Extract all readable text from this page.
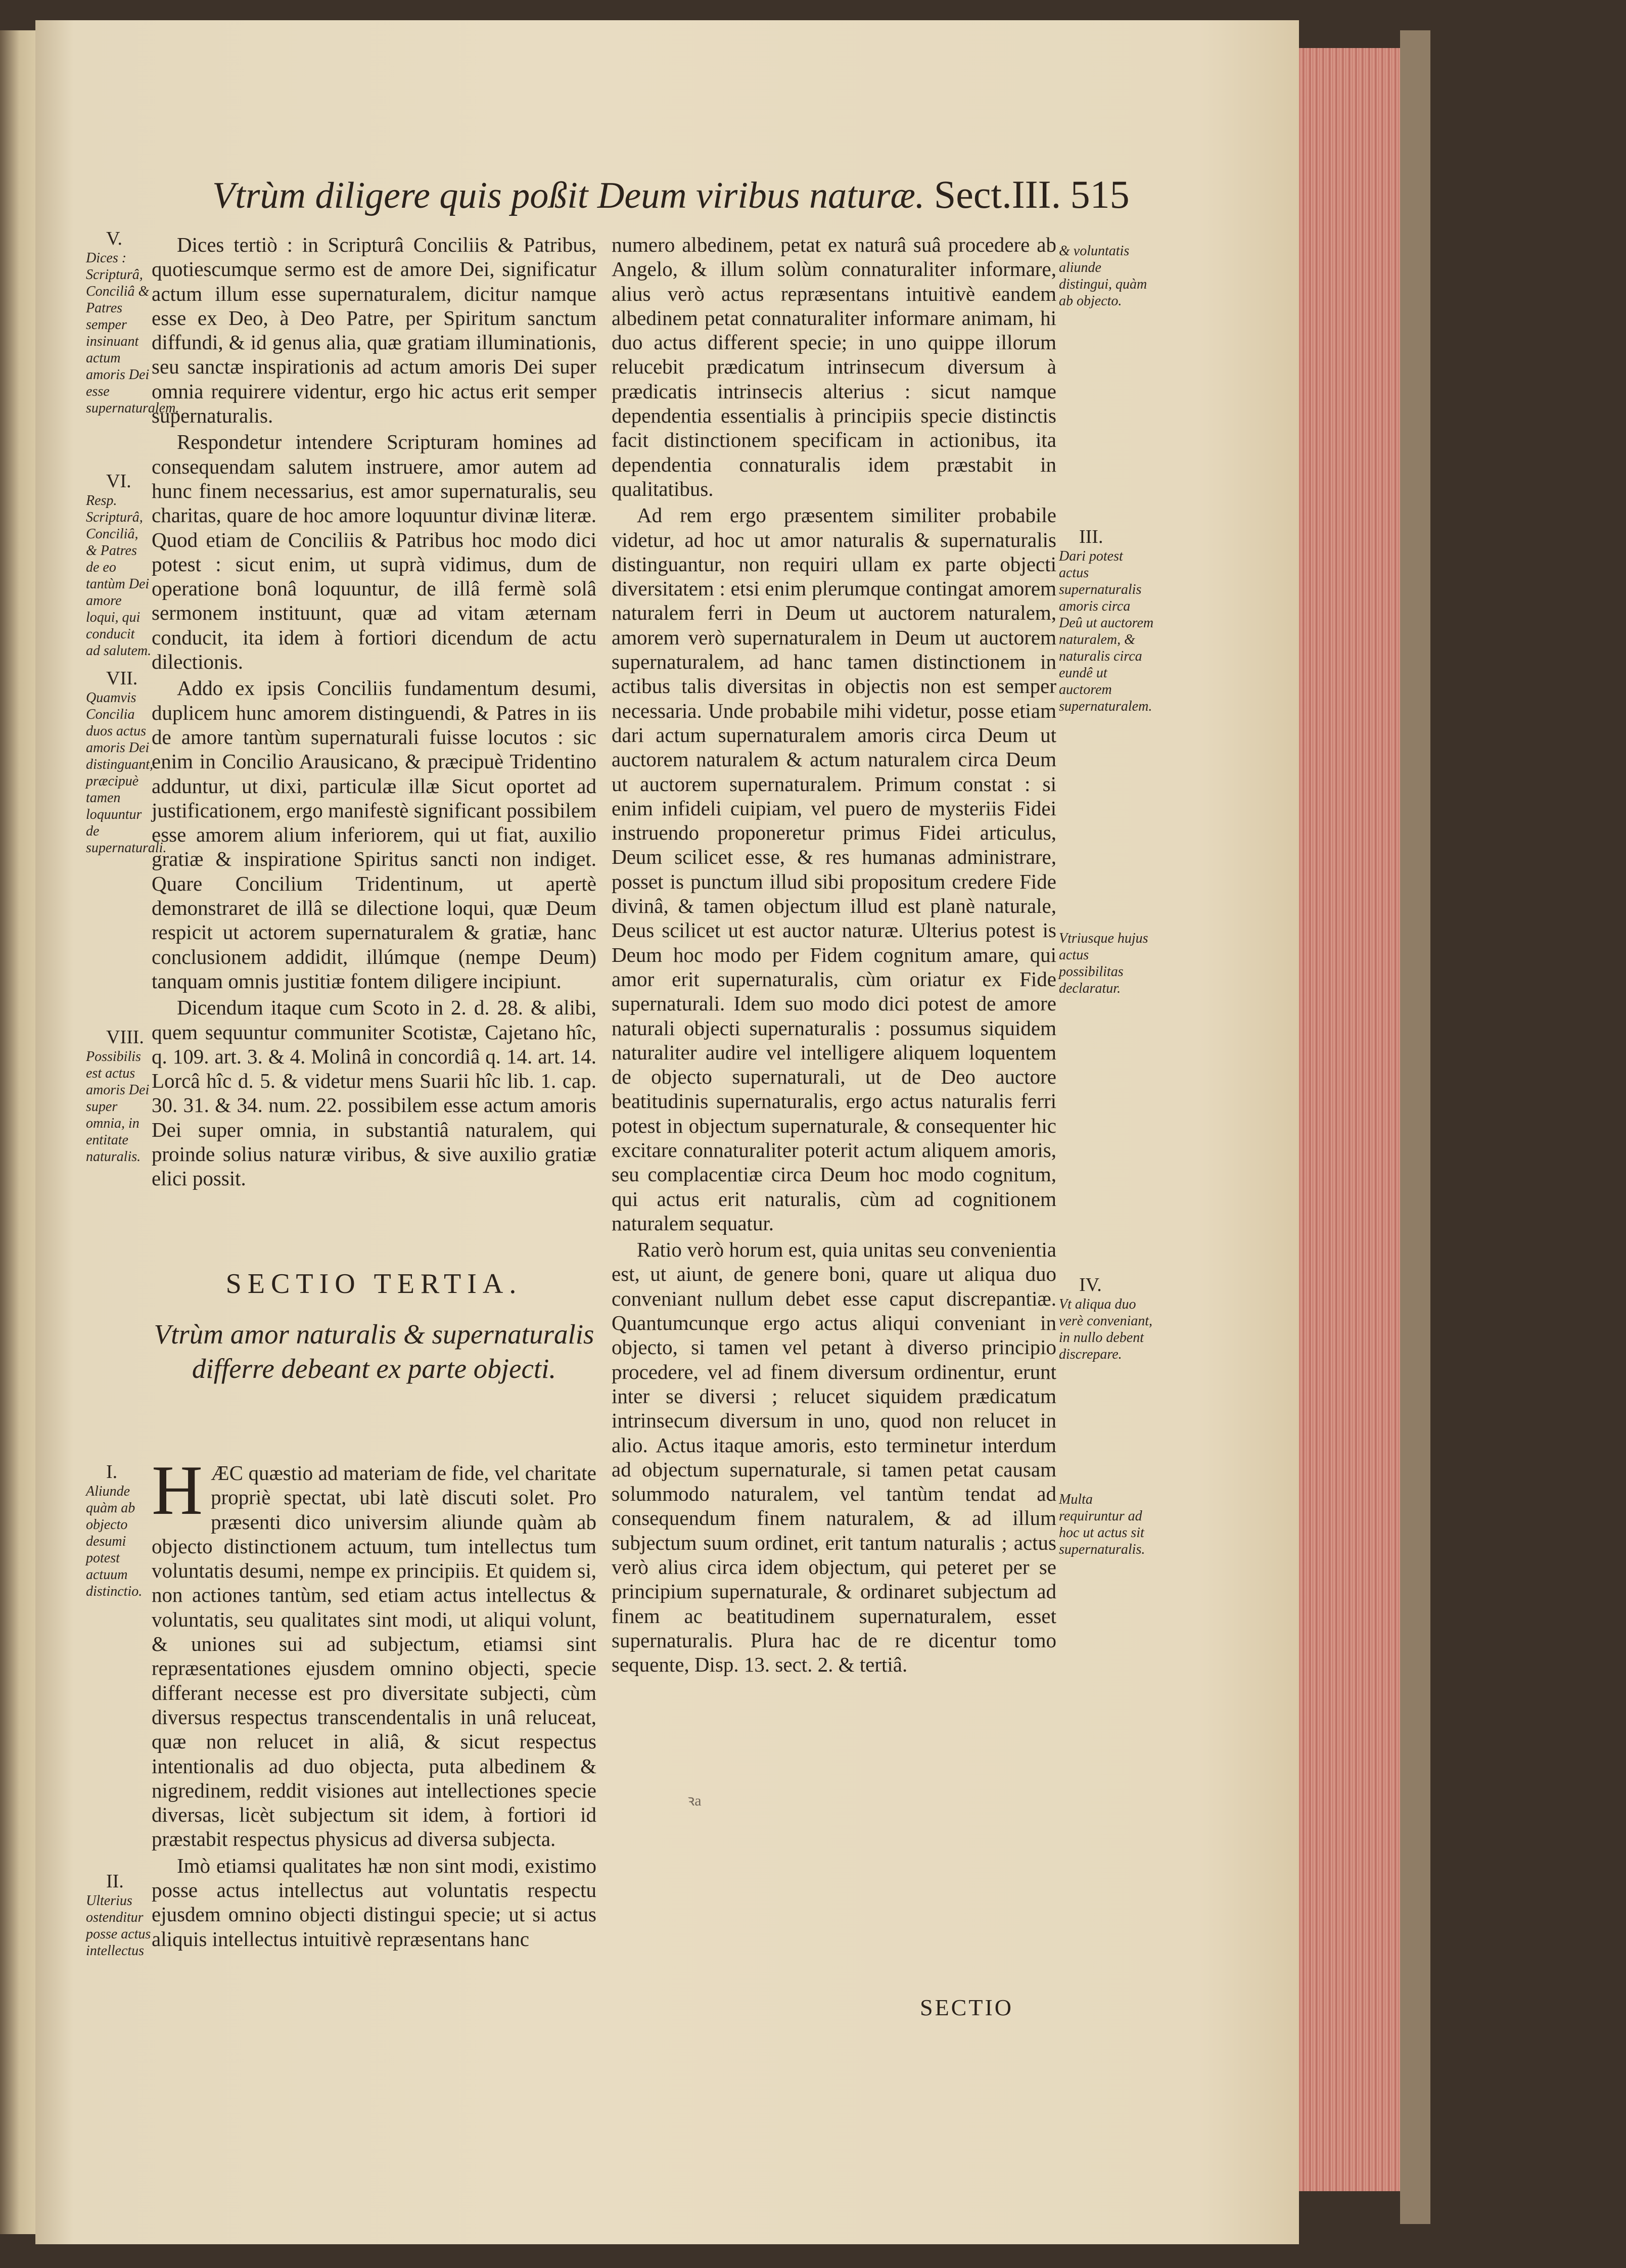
Vtrùm diligere quis poßit Deum viribus naturæ. Sect.III. 515
V.
Dices : Scripturâ, Conciliâ & Patres semper insinuant actum amoris Dei esse supernaturalem.
VI.
Resp. Scripturâ, Conciliâ, & Patres de eo tantùm Dei amore loqui, qui conducit ad salutem.
VII.
Quamvis Concilia duos actus amoris Dei distinguant, præcipuè tamen loquuntur de supernaturali.
VIII.
Possibilis est actus amoris Dei super omnia, in entitate naturalis.
I.
Aliunde quàm ab objecto desumi potest actuum distinctio.
II.
Ulterius ostenditur posse actus intellectus

Dices tertiò : in Scripturâ Conciliis & Patribus, quotiescumque sermo est de amore Dei, significatur actum illum esse supernaturalem, dicitur namque esse ex Deo, à Deo Patre, per Spiritum sanctum diffundi, & id genus alia, quæ gratiam illuminationis, seu sanctæ inspirationis ad actum amoris Dei super omnia requirere videntur, ergo hic actus erit semper supernaturalis.

Respondetur intendere Scripturam homines ad consequendam salutem instruere, amor autem ad hunc finem necessarius, est amor supernaturalis, seu charitas, quare de hoc amore loquuntur divinæ literæ. Quod etiam de Conciliis & Patribus hoc modo dici potest : sicut enim, ut suprà vidimus, dum de operatione bonâ loquuntur, de illâ fermè solâ sermonem instituunt, quæ ad vitam æternam conducit, ita idem à fortiori dicendum de actu dilectionis.

Addo ex ipsis Conciliis fundamentum desumi, duplicem hunc amorem distinguendi, & Patres in iis de amore tantùm supernaturali fuisse locutos : sic enim in Concilio Arausicano, & præcipuè Tridentino adduntur, ut dixi, particulæ illæ Sicut oportet ad justificationem, ergo manifestè significant possibilem esse amorem alium inferiorem, qui ut fiat, auxilio gratiæ & inspiratione Spiritus sancti non indiget. Quare Concilium Tridentinum, ut apertè demonstraret de illâ se dilectione loqui, quæ Deum respicit ut actorem supernaturalem & gratiæ, hanc conclusionem addidit, illúmque (nempe Deum) tanquam omnis justitiæ fontem diligere incipiunt.

Dicendum itaque cum Scoto in 2. d. 28. & alibi, quem sequuntur communiter Scotistæ, Cajetano hîc, q. 109. art. 3. & 4. Molinâ in concordiâ q. 14. art. 14. Lorcâ hîc d. 5. & videtur mens Suarii hîc lib. 1. cap. 30. 31. & 34. num. 22. possibilem esse actum amoris Dei super omnia, in substantiâ naturalem, qui proinde solius naturæ viribus, & sive auxilio gratiæ elici possit.

SECTIO TERTIA.
Vtrùm amor naturalis & supernaturalis differre debeant ex parte objecti.

HÆC quæstio ad materiam de fide, vel charitate propriè spectat, ubi latè discuti solet. Pro præsenti dico universim aliunde quàm ab objecto distinctionem actuum, tum intellectus tum voluntatis desumi, nempe ex principiis. Et quidem si, non actiones tantùm, sed etiam actus intellectus & voluntatis, seu qualitates sint modi, ut aliqui volunt, & uniones sui ad subjectum, etiamsi sint repræsentationes ejusdem omnino objecti, specie differant necesse est pro diversitate subjecti, cùm diversus respectus transcendentalis in unâ reluceat, quæ non relucet in aliâ, & sicut respectus intentionalis ad duo objecta, puta albedinem & nigredinem, reddit visiones aut intellectiones specie diversas, licèt subjectum sit idem, à fortiori id præstabit respectus physicus ad diversa subjecta.

Imò etiamsi qualitates hæ non sint modi, existimo posse actus intellectus aut voluntatis respectu ejusdem omnino objecti distingui specie; ut si actus aliquis intellectus intuitivè repræsentans hanc

numero albedinem, petat ex naturâ suâ procedere ab Angelo, & illum solùm connaturaliter informare, alius verò actus repræsentans intuitivè eandem albedinem petat connaturaliter informare animam, hi duo actus different specie; in uno quippe illorum relucebit prædicatum intrinsecum diversum à prædicatis intrinsecis alterius : sicut namque dependentia essentialis à principiis specie distinctis facit distinctionem specificam in actionibus, ita dependentia connaturalis idem præstabit in qualitatibus.

Ad rem ergo præsentem similiter probabile videtur, ad hoc ut amor naturalis & supernaturalis distinguantur, non requiri ullam ex parte objecti diversitatem : etsi enim plerumque contingat amorem naturalem ferri in Deum ut auctorem naturalem, amorem verò supernaturalem in Deum ut auctorem supernaturalem, ad hanc tamen distinctionem in actibus talis diversitas in objectis non est semper necessaria. Unde probabile mihi videtur, posse etiam dari actum supernaturalem amoris circa Deum ut auctorem naturalem & actum naturalem circa Deum ut auctorem supernaturalem. Primum constat : si enim infideli cuipiam, vel puero de mysteriis Fidei instruendo proponeretur primus Fidei articulus, Deum scilicet esse, & res humanas administrare, posset is punctum illud sibi propositum credere Fide divinâ, & tamen objectum illud est planè naturale, Deus scilicet ut est auctor naturæ. Ulterius potest is Deum hoc modo per Fidem cognitum amare, qui amor erit supernaturalis, cùm oriatur ex Fide supernaturali. Idem suo modo dici potest de amore naturali objecti supernaturalis : possumus siquidem naturaliter audire vel intelligere aliquem loquentem de objecto supernaturali, ut de Deo auctore beatitudinis supernaturalis, ergo actus naturalis ferri potest in objectum supernaturale, & consequenter hic excitare connaturaliter poterit actum aliquem amoris, seu complacentiæ circa Deum hoc modo cognitum, qui actus erit naturalis, cùm ad cognitionem naturalem sequatur.

Ratio verò horum est, quia unitas seu convenientia est, ut aiunt, de genere boni, quare ut aliqua duo conveniant nullum debet esse caput discrepantiæ. Quantumcunque ergo actus aliqui conveniant in objecto, si tamen vel petant à diverso principio procedere, vel ad finem diversum ordinentur, erunt inter se diversi ; relucet siquidem prædicatum intrinsecum diversum in uno, quod non relucet in alio. Actus itaque amoris, esto terminetur interdum ad objectum supernaturale, si tamen petat causam solummodo naturalem, vel tantùm tendat ad consequendum finem naturalem, & ad illum subjectum suum ordinet, erit tantum naturalis ; actus verò alius circa idem objectum, qui peteret per se principium supernaturale, & ordinaret subjectum ad finem ac beatitudinem supernaturalem, esset supernaturalis. Plura hac de re dicentur tomo sequente, Disp. 13. sect. 2. & tertiâ.

& voluntatis aliunde distingui, quàm ab objecto.
III.
Dari potest actus supernaturalis amoris circa Deû ut auctorem naturalem, & naturalis circa eundê ut auctorem supernaturalem.
Vtriusque hujus actus possibilitas declaratur.
IV.
Vt aliqua duo verè conveniant, in nullo debent discrepare.
Multa requiruntur ad hoc ut actus sit supernaturalis.
ꝛa
SECTIO
